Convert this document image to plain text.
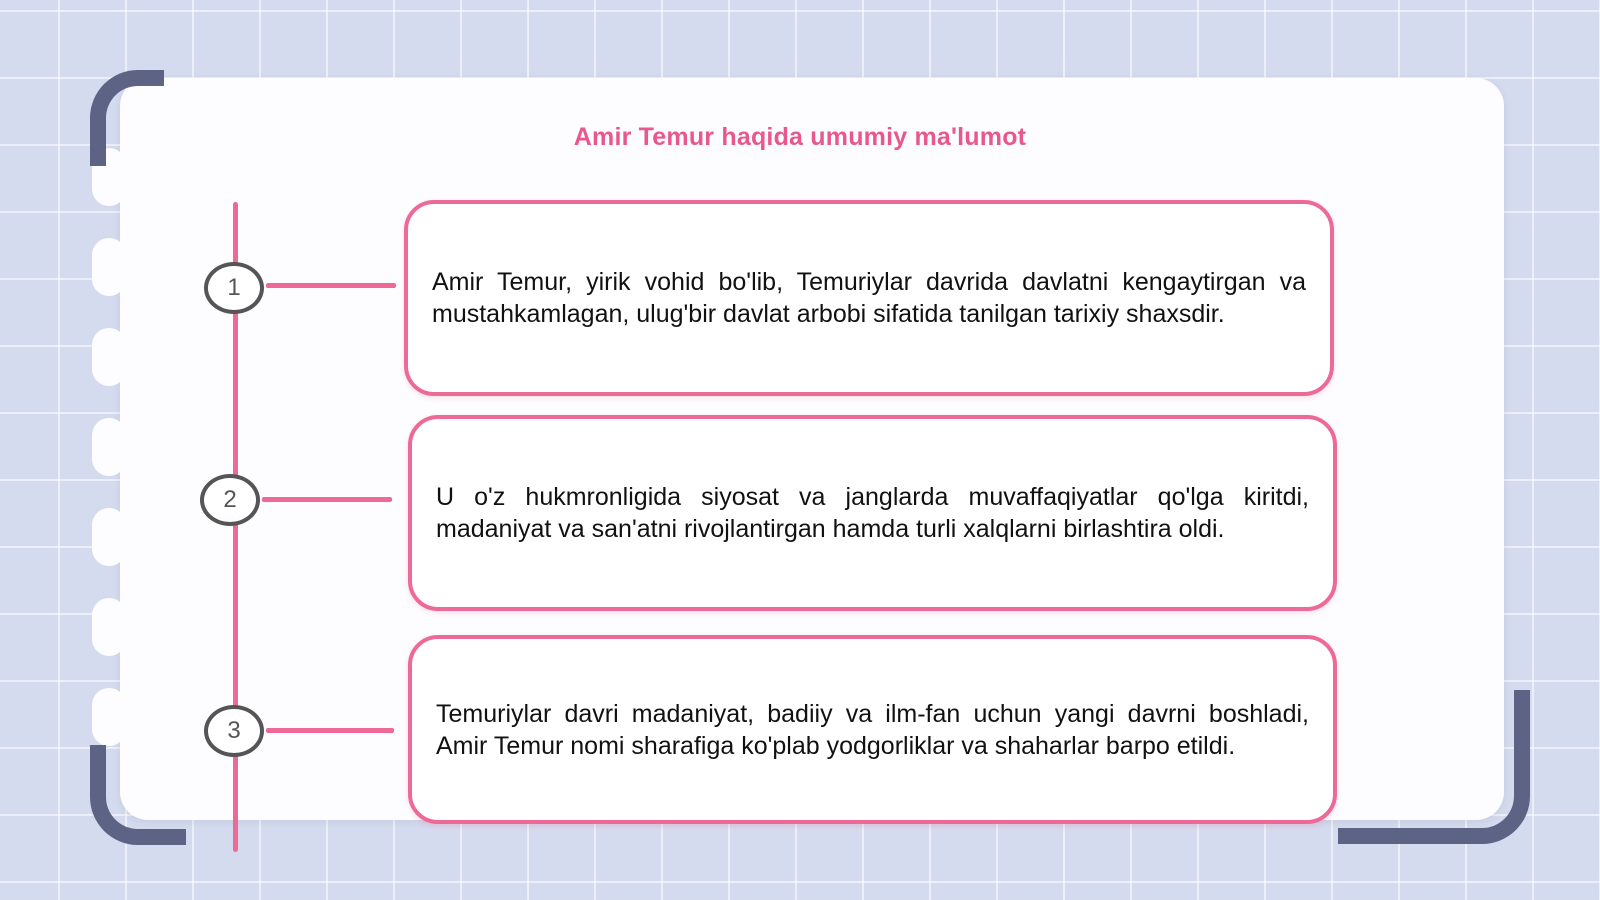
Amir Temur haqida umumiy ma'lumot
1
2
3
Amir Temur, yirik vohid bo'lib, Temuriylar davrida davlatni kengaytirgan va mustahkamlagan, ulug'bir davlat arbobi sifatida tanilgan tarixiy shaxsdir.
U o'z hukmronligida siyosat va janglarda muvaffaqiyatlar qo'lga kiritdi, madaniyat va san'atni rivojlantirgan hamda turli xalqlarni birlashtira oldi.
Temuriylar davri madaniyat, badiiy va ilm-fan uchun yangi davrni boshladi, Amir Temur nomi sharafiga ko'plab yodgorliklar va shaharlar barpo etildi.
